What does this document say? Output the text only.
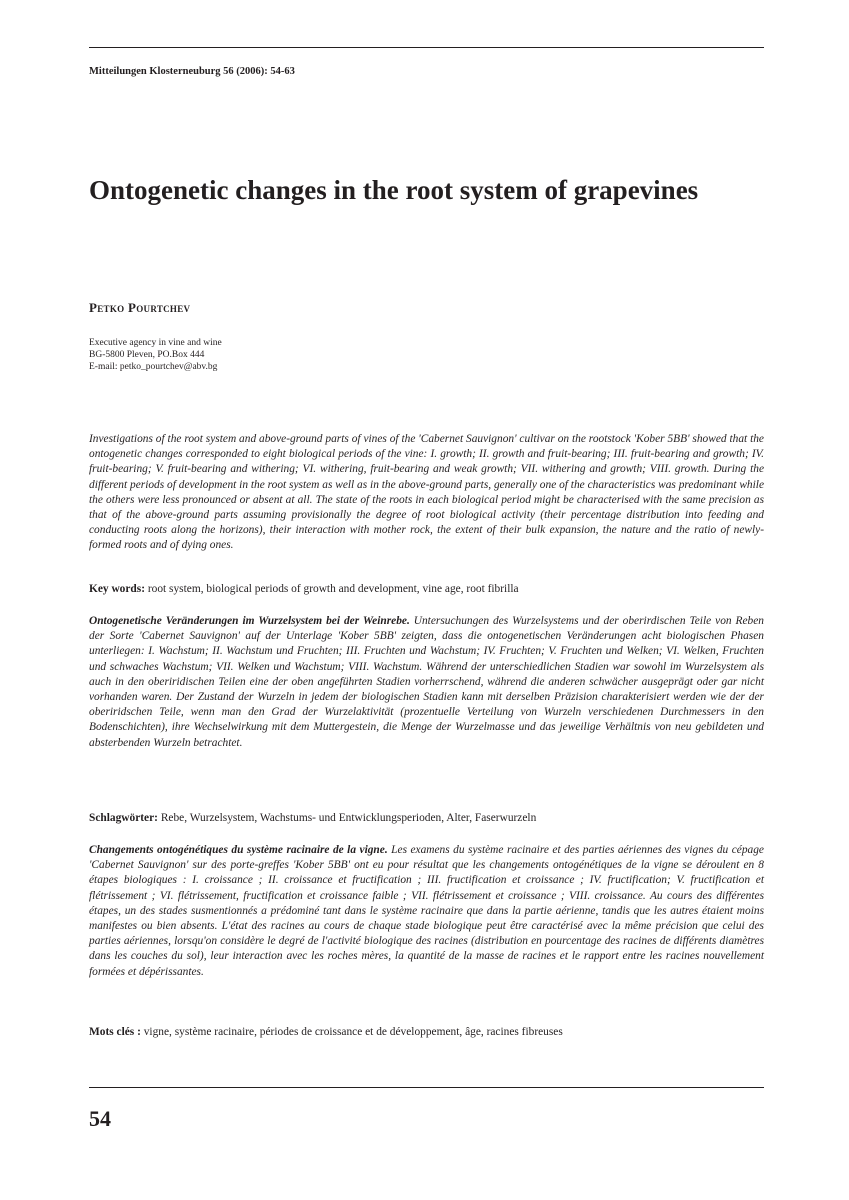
Mitteilungen Klosterneuburg 56 (2006): 54-63
Ontogenetic changes in the root system of grapevines
Petko Pourtchev
Executive agency in vine and wine
BG-5800 Pleven, PO.Box 444
E-mail: petko_pourtchev@abv.bg

Investigations of the root system and above-ground parts of vines of the 'Cabernet Sauvignon' cultivar on the rootstock 'Kober 5BB' showed that the ontogenetic changes corresponded to eight biological periods of the vine: I. growth; II. growth and fruit-bearing; III. fruit-bearing and growth; IV. fruit-bearing; V. fruit-bearing and withering; VI. withering, fruit-bearing and weak growth; VII. withering and growth; VIII. growth. During the different periods of development in the root system as well as in the above-ground parts, generally one of the characteristics was predominant while the others were less pronounced or absent at all. The state of the roots in each biological period might be characterised with the same precision as that of the above-ground parts assuming provisionally the degree of root biological activity (their percentage distribution into feeding and conducting roots along the horizons), their interaction with mother rock, the extent of their bulk expansion, the nature and the ratio of newly-formed roots and of dying ones.

Key words: root system, biological periods of growth and development, vine age, root fibrilla

Ontogenetische Veränderungen im Wurzelsystem bei der Weinrebe. Untersuchungen des Wurzelsystems und der oberirdischen Teile von Reben der Sorte 'Cabernet Sauvignon' auf der Unterlage 'Kober 5BB' zeigten, dass die ontogenetischen Veränderungen acht biologischen Phasen unterliegen: I. Wachstum; II. Wachstum und Fruchten; III. Fruchten und Wachstum; IV. Fruchten; V. Fruchten und Welken; VI. Welken, Fruchten und schwaches Wachstum; VII. Welken und Wachstum; VIII. Wachstum. Während der unterschiedlichen Stadien war sowohl im Wurzelsystem als auch in den oberiridischen Teilen eine der oben angeführten Stadien vorherrschend, während die anderen schwächer ausgeprägt oder gar nicht vorhanden waren. Der Zustand der Wurzeln in jedem der biologischen Stadien kann mit derselben Präzision charakterisiert werden wie der der oberiridschen Teile, wenn man den Grad der Wurzelaktivität (prozentuelle Verteilung von Wurzeln verschiedenen Durchmessers in den Bodenschichten), ihre Wechselwirkung mit dem Muttergestein, die Menge der Wurzelmasse und das jeweilige Verhältnis von neu gebildeten und absterbenden Wurzeln betrachtet.

Schlagwörter: Rebe, Wurzelsystem, Wachstums- und Entwicklungsperioden, Alter, Faserwurzeln

Changements ontogénétiques du système racinaire de la vigne. Les examens du système racinaire et des parties aériennes des vignes du cépage 'Cabernet Sauvignon' sur des porte-greffes 'Kober 5BB' ont eu pour résultat que les changements ontogénétiques de la vigne se déroulent en 8 étapes biologiques : I. croissance ; II. croissance et fructification ; III. fructification et croissance ; IV. fructification; V. fructification et flétrissement ; VI. flétrissement, fructification et croissance faible ; VII. flétrissement et croissance ; VIII. croissance. Au cours des différentes étapes, un des stades susmentionnés a prédominé tant dans le système racinaire que dans la partie aérienne, tandis que les autres étaient moins manifestes ou bien absents. L'état des racines au cours de chaque stade biologique peut être caractérisé avec la même précision que celui des parties aériennes, lorsqu'on considère le degré de l'activité biologique des racines (distribution en pourcentage des racines de différents diamètres dans les couches du sol), leur interaction avec les roches mères, la quantité de la masse de racines et le rapport entre les racines nouvellement formées et dépérissantes.

Mots clés : vigne, système racinaire, périodes de croissance et de développement, âge, racines fibreuses
54
